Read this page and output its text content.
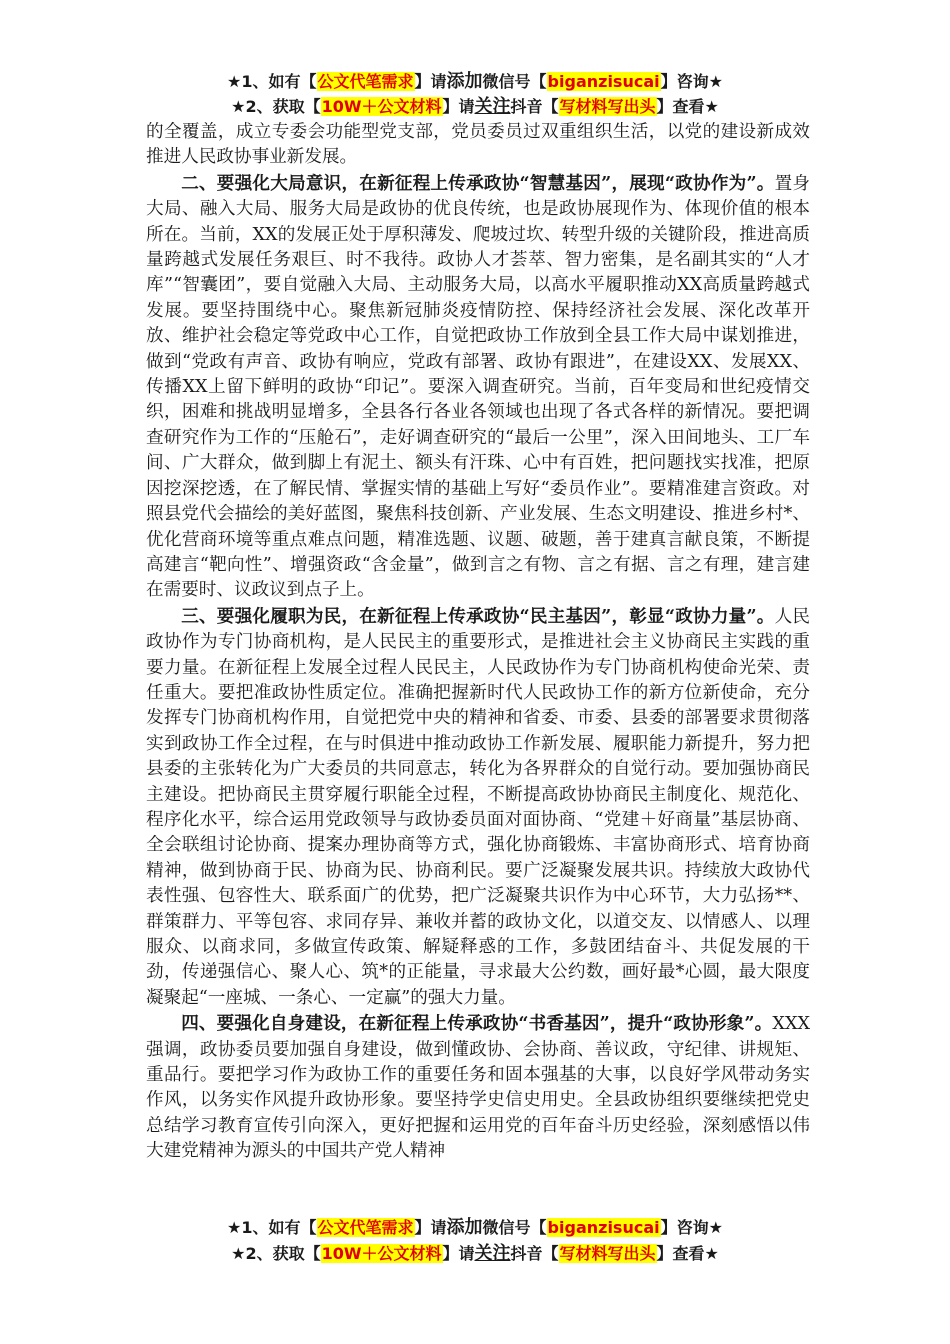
★1、如有【公文代笔需求】请添加微信号【biganzisucai】咨询★
★2、获取【10W＋公文材料】请关注抖音【写材料写出头】查看★

的全覆盖，成立专委会功能型党支部，党员委员过双重组织生活，以党的建设新成效推进人民政协事业新发展。

二、要强化大局意识，在新征程上传承政协“智慧基因”，展现“政协作为”。置身大局、融入大局、服务大局是政协的优良传统，也是政协展现作为、体现价值的根本所在。当前，XX的发展正处于厚积薄发、爬坡过坎、转型升级的关键阶段，推进高质量跨越式发展任务艰巨、时不我待。政协人才荟萃、智力密集，是名副其实的“人才库”“智囊团”，要自觉融入大局、主动服务大局，以高水平履职推动XX高质量跨越式发展。要坚持围绕中心。聚焦新冠肺炎疫情防控、保持经济社会发展、深化改革开放、维护社会稳定等党政中心工作，自觉把政协工作放到全县工作大局中谋划推进，做到“党政有声音、政协有响应，党政有部署、政协有跟进”，在建设XX、发展XX、传播XX上留下鲜明的政协“印记”。要深入调查研究。当前，百年变局和世纪疫情交织，困难和挑战明显增多，全县各行各业各领域也出现了各式各样的新情况。要把调查研究作为工作的“压舱石”，走好调查研究的“最后一公里”，深入田间地头、工厂车间、广大群众，做到脚上有泥土、额头有汗珠、心中有百姓，把问题找实找准，把原因挖深挖透，在了解民情、掌握实情的基础上写好“委员作业”。要精准建言资政。对照县党代会描绘的美好蓝图，聚焦科技创新、产业发展、生态文明建设、推进乡村*、优化营商环境等重点难点问题，精准选题、议题、破题，善于建真言献良策，不断提高建言“靶向性”、增强资政“含金量”，做到言之有物、言之有据、言之有理，建言建在需要时、议政议到点子上。

三、要强化履职为民，在新征程上传承政协“民主基因”，彰显“政协力量”。人民政协作为专门协商机构，是人民民主的重要形式，是推进社会主义协商民主实践的重要力量。在新征程上发展全过程人民民主，人民政协作为专门协商机构使命光荣、责任重大。要把准政协性质定位。准确把握新时代人民政协工作的新方位新使命，充分发挥专门协商机构作用，自觉把党中央的精神和省委、市委、县委的部署要求贯彻落实到政协工作全过程，在与时俱进中推动政协工作新发展、履职能力新提升，努力把县委的主张转化为广大委员的共同意志，转化为各界群众的自觉行动。要加强协商民主建设。把协商民主贯穿履行职能全过程，不断提高政协协商民主制度化、规范化、程序化水平，综合运用党政领导与政协委员面对面协商、“党建＋好商量”基层协商、全会联组讨论协商、提案办理协商等方式，强化协商锻炼、丰富协商形式、培育协商精神，做到协商于民、协商为民、协商利民。要广泛凝聚发展共识。持续放大政协代表性强、包容性大、联系面广的优势，把广泛凝聚共识作为中心环节，大力弘扬**、群策群力、平等包容、求同存异、兼收并蓄的政协文化，以道交友、以情感人、以理服众、以商求同，多做宣传政策、解疑释惑的工作，多鼓团结奋斗、共促发展的干劲，传递强信心、聚人心、筑*的正能量，寻求最大公约数，画好最*心圆，最大限度凝聚起“一座城、一条心、一定赢”的强大力量。

四、要强化自身建设，在新征程上传承政协“书香基因”，提升“政协形象”。XXX强调，政协委员要加强自身建设，做到懂政协、会协商、善议政，守纪律、讲规矩、重品行。要把学习作为政协工作的重要任务和固本强基的大事，以良好学风带动务实作风，以务实作风提升政协形象。要坚持学史信史用史。全县政协组织要继续把党史总结学习教育宣传引向深入，更好把握和运用党的百年奋斗历史经验，深刻感悟以伟大建党精神为源头的中国共产党人精神

★1、如有【公文代笔需求】请添加微信号【biganzisucai】咨询★
★2、获取【10W＋公文材料】请关注抖音【写材料写出头】查看★
